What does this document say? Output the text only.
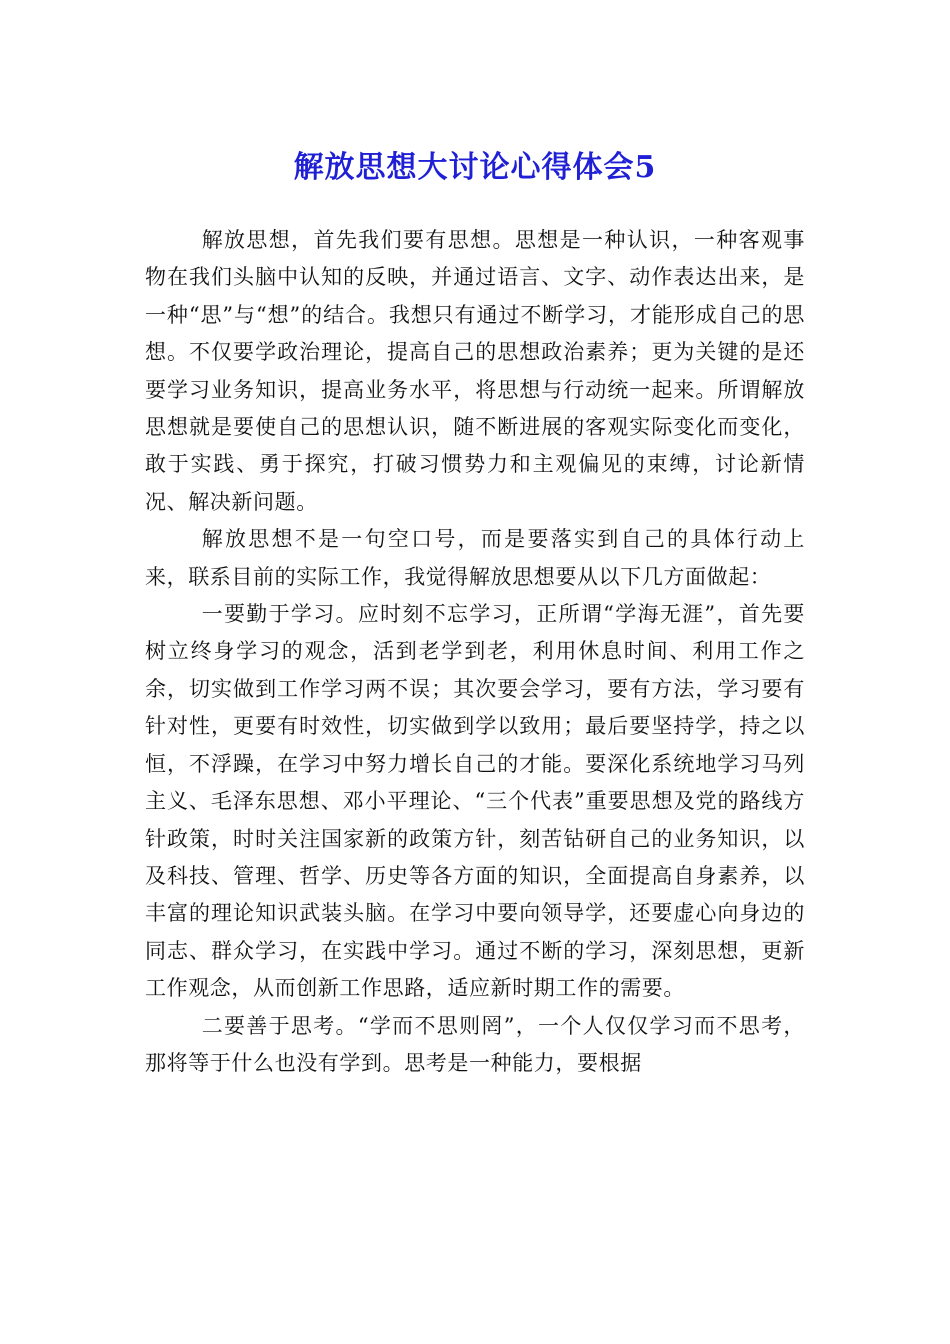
解放思想大讨论心得体会5

解放思想，首先我们要有思想。思想是一种认识，一种客观事物在我们头脑中认知的反映，并通过语言、文字、动作表达出来，是一种“思”与“想”的结合。我想只有通过不断学习，才能形成自己的思想。不仅要学政治理论，提高自己的思想政治素养；更为关键的是还要学习业务知识，提高业务水平，将思想与行动统一起来。所谓解放思想就是要使自己的思想认识，随不断进展的客观实际变化而变化，敢于实践、勇于探究，打破习惯势力和主观偏见的束缚，讨论新情况、解决新问题。

解放思想不是一句空口号，而是要落实到自己的具体行动上来，联系目前的实际工作，我觉得解放思想要从以下几方面做起：

一要勤于学习。应时刻不忘学习，正所谓“学海无涯”，首先要树立终身学习的观念，活到老学到老，利用休息时间、利用工作之余，切实做到工作学习两不误；其次要会学习，要有方法，学习要有针对性，更要有时效性，切实做到学以致用；最后要坚持学，持之以恒，不浮躁，在学习中努力增长自己的才能。要深化系统地学习马列主义、毛泽东思想、邓小平理论、“三个代表”重要思想及党的路线方针政策，时时关注国家新的政策方针，刻苦钻研自己的业务知识，以及科技、管理、哲学、历史等各方面的知识，全面提高自身素养，以丰富的理论知识武装头脑。在学习中要向领导学，还要虚心向身边的同志、群众学习，在实践中学习。通过不断的学习，深刻思想，更新工作观念，从而创新工作思路，适应新时期工作的需要。

二要善于思考。“学而不思则罔”，一个人仅仅学习而不思考，那将等于什么也没有学到。思考是一种能力，要根据
